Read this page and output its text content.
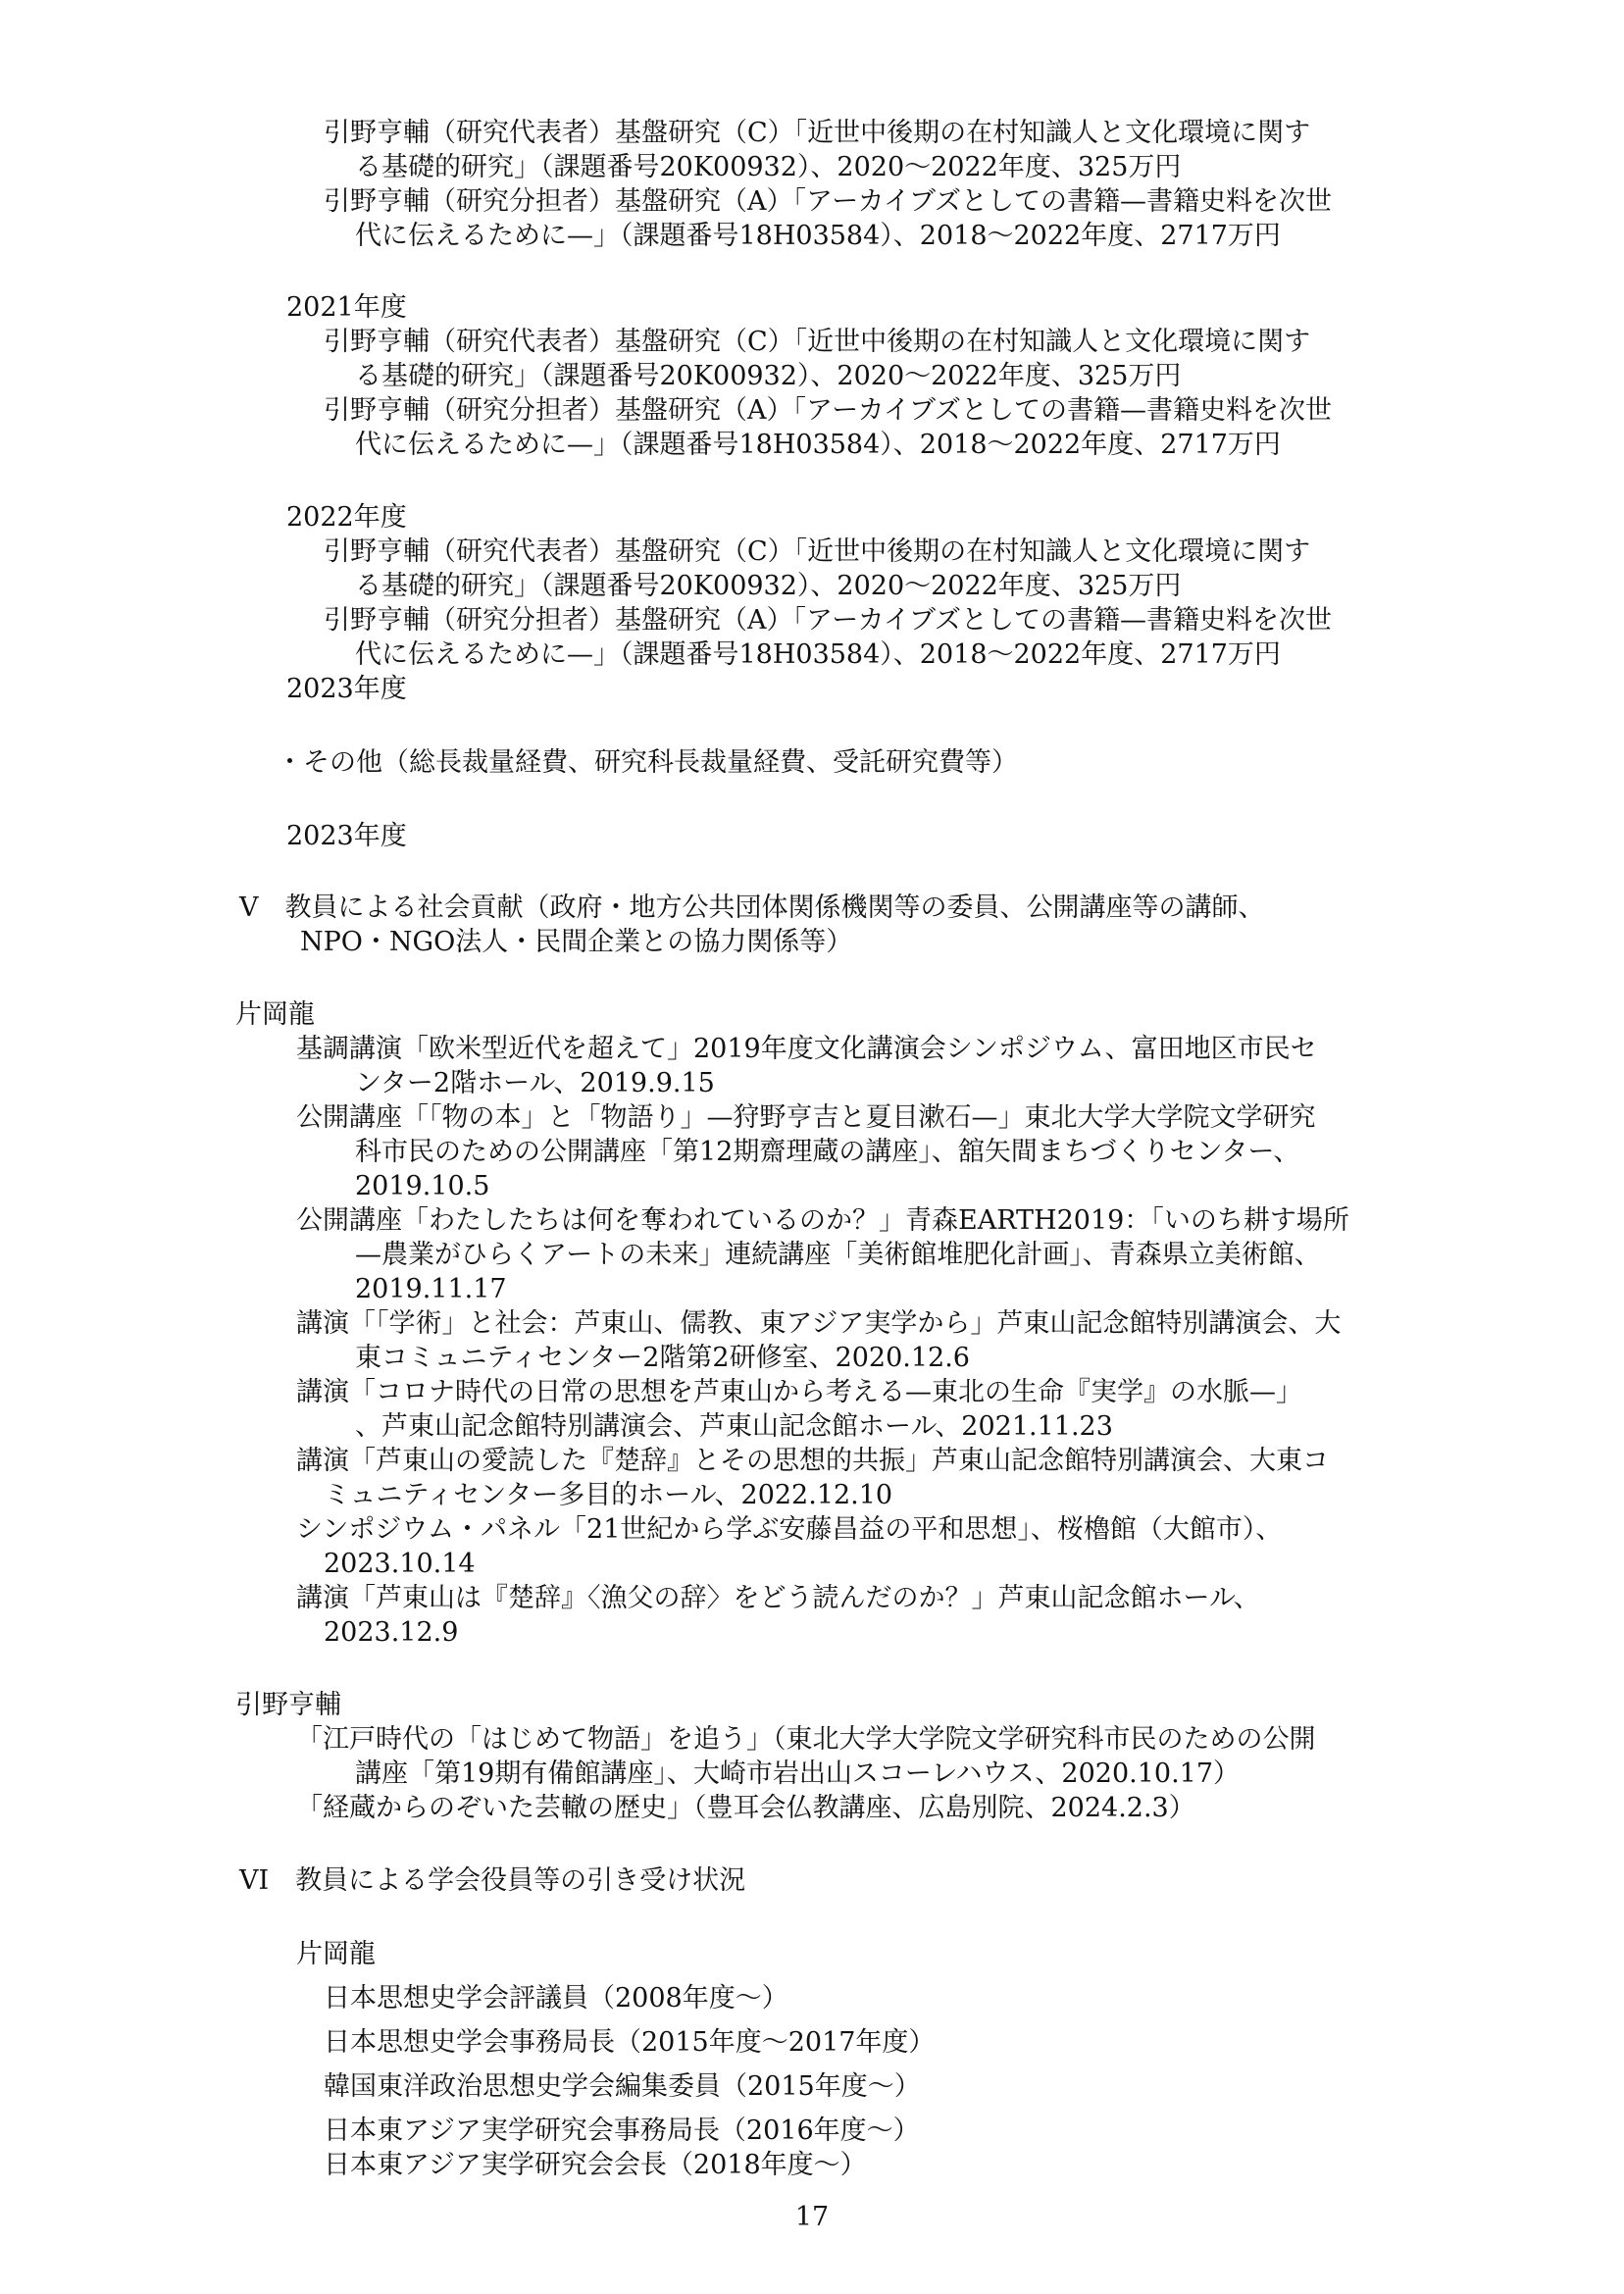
引野亨輔（研究代表者）基盤研究（C）「近世中後期の在村知識人と文化環境に関す
る基礎的研究」（課題番号20K00932）、2020〜2022年度、325万円
引野亨輔（研究分担者）基盤研究（A）「アーカイブズとしての書籍—書籍史料を次世
代に伝えるために—」（課題番号18H03584）、2018〜2022年度、2717万円
2021年度
引野亨輔（研究代表者）基盤研究（C）「近世中後期の在村知識人と文化環境に関す
る基礎的研究」（課題番号20K00932）、2020〜2022年度、325万円
引野亨輔（研究分担者）基盤研究（A）「アーカイブズとしての書籍—書籍史料を次世
代に伝えるために—」（課題番号18H03584）、2018〜2022年度、2717万円
2022年度
引野亨輔（研究代表者）基盤研究（C）「近世中後期の在村知識人と文化環境に関す
る基礎的研究」（課題番号20K00932）、2020〜2022年度、325万円
引野亨輔（研究分担者）基盤研究（A）「アーカイブズとしての書籍—書籍史料を次世
代に伝えるために—」（課題番号18H03584）、2018〜2022年度、2717万円
2023年度
・その他（総長裁量経費、研究科長裁量経費、受託研究費等）
2023年度
V　教員による社会貢献（政府・地方公共団体関係機関等の委員、公開講座等の講師、
NPO・NGO法人・民間企業との協力関係等）
片岡龍
基調講演「欧米型近代を超えて」2019年度文化講演会シンポジウム、富田地区市民セ
ンター2階ホール、2019.9.15
公開講座「「物の本」と「物語り」—狩野亨吉と夏目漱石—」東北大学大学院文学研究
科市民のための公開講座「第12期齋理蔵の講座」、舘矢間まちづくりセンター、
2019.10.5
公開講座「わたしたちは何を奪われているのか？」青森EARTH2019：「いのち耕す場所
—農業がひらくアートの未来」連続講座「美術館堆肥化計画」、青森県立美術館、
2019.11.17
講演「「学術」と社会：芦東山、儒教、東アジア実学から」芦東山記念館特別講演会、大
東コミュニティセンター2階第2研修室、2020.12.6
講演「コロナ時代の日常の思想を芦東山から考える—東北の生命『実学』の水脈—」
、芦東山記念館特別講演会、芦東山記念館ホール、2021.11.23
講演「芦東山の愛読した『楚辞』とその思想的共振」芦東山記念館特別講演会、大東コ
ミュニティセンター多目的ホール、2022.12.10
シンポジウム・パネル「21世紀から学ぶ安藤昌益の平和思想」、桜櫓館（大館市）、
2023.10.14
講演「芦東山は『楚辞』〈漁父の辞〉をどう読んだのか？」芦東山記念館ホール、
2023.12.9
引野亨輔
「江戸時代の「はじめて物語」を追う」（東北大学大学院文学研究科市民のための公開
講座「第19期有備館講座」、大崎市岩出山スコーレハウス、2020.10.17）
「経蔵からのぞいた芸轍の歴史」（豊耳会仏教講座、広島別院、2024.2.3）
VI　教員による学会役員等の引き受け状況
片岡龍
日本思想史学会評議員（2008年度〜）
日本思想史学会事務局長（2015年度〜2017年度）
韓国東洋政治思想史学会編集委員（2015年度〜）
日本東アジア実学研究会事務局長（2016年度〜）
日本東アジア実学研究会会長（2018年度〜）
17
